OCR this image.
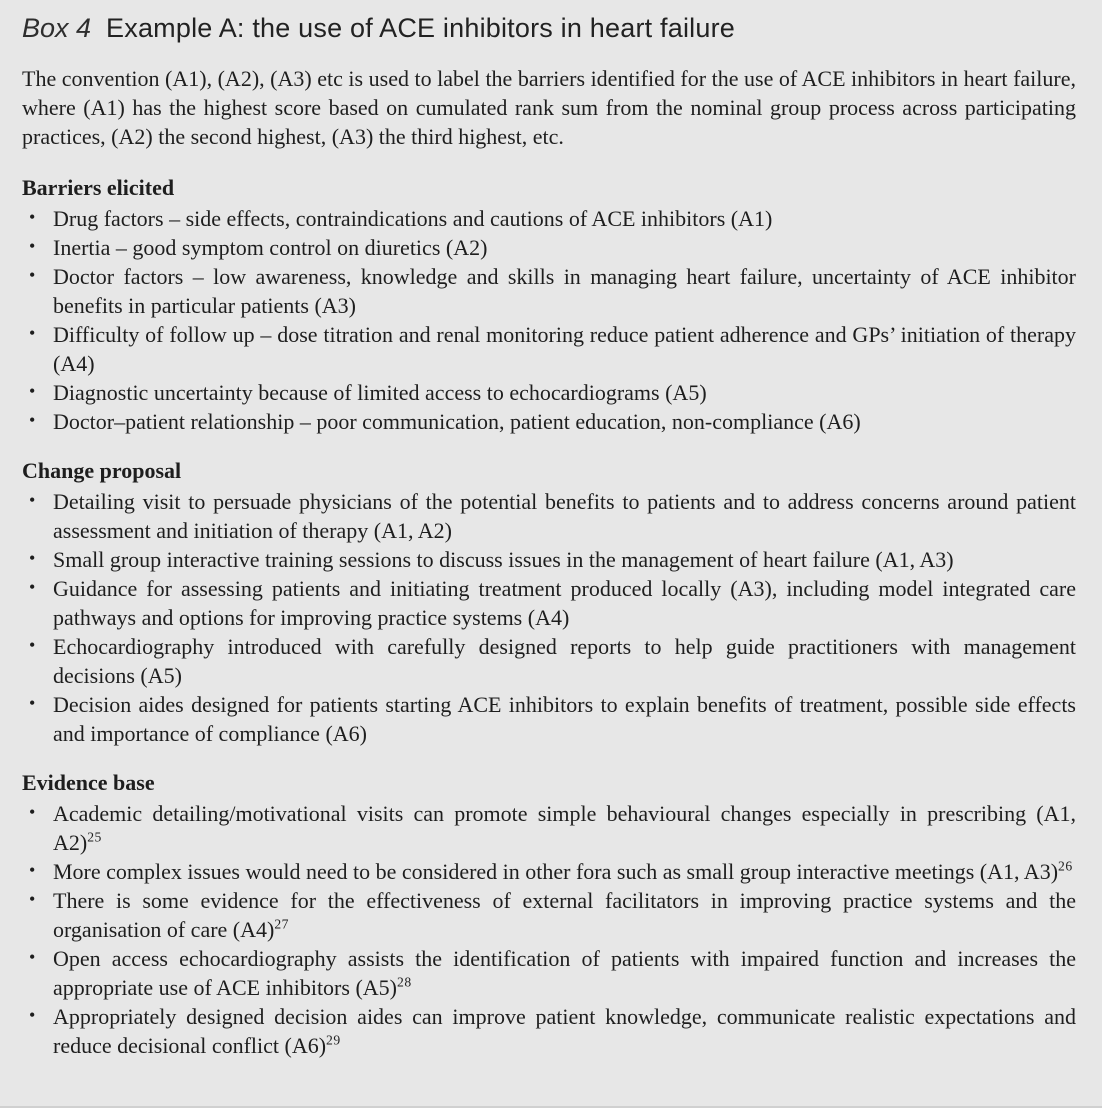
Box 4 Example A: the use of ACE inhibitors in heart failure

The convention (A1), (A2), (A3) etc is used to label the barriers identified for the use of ACE inhibitors in heart failure, where (A1) has the highest score based on cumulated rank sum from the nominal group process across participating practices, (A2) the second highest, (A3) the third highest, etc.

Barriers elicited
• Drug factors – side effects, contraindications and cautions of ACE inhibitors (A1)
• Inertia – good symptom control on diuretics (A2)
• Doctor factors – low awareness, knowledge and skills in managing heart failure, uncertainty of ACE inhibitor benefits in particular patients (A3)
• Difficulty of follow up – dose titration and renal monitoring reduce patient adherence and GPs’ initiation of therapy (A4)
• Diagnostic uncertainty because of limited access to echocardiograms (A5)
• Doctor–patient relationship – poor communication, patient education, non-compliance (A6)
Change proposal
• Detailing visit to persuade physicians of the potential benefits to patients and to address concerns around patient assessment and initiation of therapy (A1, A2)
• Small group interactive training sessions to discuss issues in the management of heart failure (A1, A3)
• Guidance for assessing patients and initiating treatment produced locally (A3), including model integrated care pathways and options for improving practice systems (A4)
• Echocardiography introduced with carefully designed reports to help guide practitioners with management decisions (A5)
• Decision aides designed for patients starting ACE inhibitors to explain benefits of treatment, possible side effects and importance of compliance (A6)
Evidence base
• Academic detailing/motivational visits can promote simple behavioural changes especially in prescribing (A1, A2)$^{25}$
• More complex issues would need to be considered in other fora such as small group interactive meetings (A1, A3)$^{26}$
• There is some evidence for the effectiveness of external facilitators in improving practice systems and the organisation of care (A4)$^{27}$
• Open access echocardiography assists the identification of patients with impaired function and increases the appropriate use of ACE inhibitors (A5)$^{28}$
• Appropriately designed decision aides can improve patient knowledge, communicate realistic expectations and reduce decisional conflict (A6)$^{29}$
